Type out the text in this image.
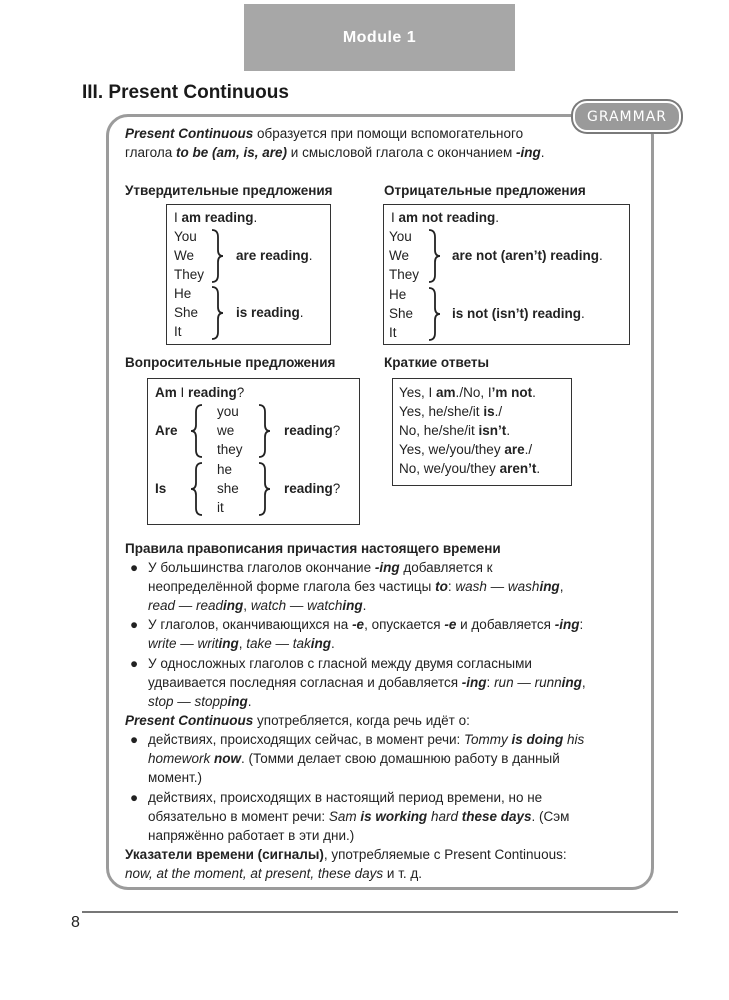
Module 1
III. Present Continuous
GRAMMAR
Present Continuous образуется при помощи вспомогательного
глагола to be (am, is, are) и смысловой глагола с окончанием -ing.
Утвердительные предложения
I am reading.
You
We
They
are reading.
He
She
It
is reading.
Отрицательные предложения
I am not reading.
You
We
They
are not (aren’t) reading.
He
She
It
is not (isn’t) reading.
Вопросительные предложения
Am I reading?
Are
you
we
they
reading?
Is
he
she
it
reading?
Краткие ответы
Yes, I am./No, I’m not.
Yes, he/she/it is./
No, he/she/it isn’t.
Yes, we/you/they are./
No, we/you/they aren’t.
Правила правописания причастия настоящего времени
● У большинства глаголов окончание -ing добавляется к
неопределённой форме глагола без частицы to: wash — washing,
read — reading, watch — watching.
● У глаголов, оканчивающихся на -e, опускается -e и добавляется -ing:
write — writing, take — taking.
● У односложных глаголов с гласной между двумя согласными
удваивается последняя согласная и добавляется -ing: run — running,
stop — stopping.
Present Continuous употребляется, когда речь идёт о:
● действиях, происходящих сейчас, в момент речи: Tommy is doing his
homework now. (Томми делает свою домашнюю работу в данный
момент.)
● действиях, происходящих в настоящий период времени, но не
обязательно в момент речи: Sam is working hard these days. (Сэм
напряжённо работает в эти дни.)
Указатели времени (сигналы), употребляемые с Present Continuous:
now, at the moment, at present, these days и т. д.
8
